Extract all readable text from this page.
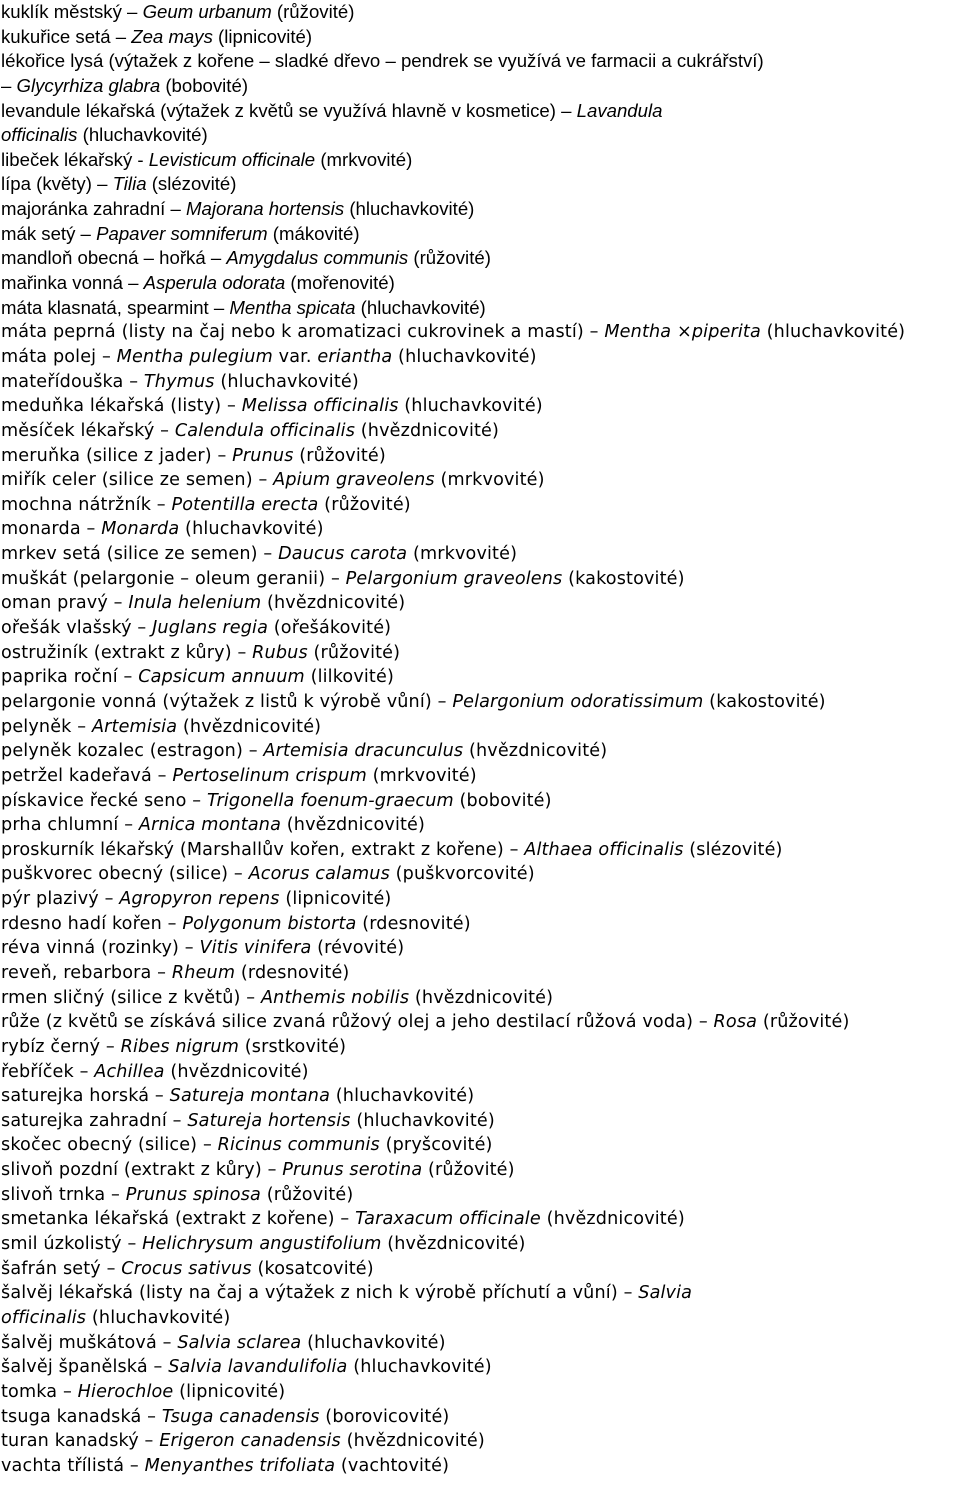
kuklík městský – Geum urbanum (růžovité)
kukuřice setá – Zea mays (lipnicovité)
lékořice lysá (výtažek z kořene – sladké dřevo – pendrek se využívá ve farmacii a cukrářství)
– Glycyrhiza glabra (bobovité)
levandule lékařská (výtažek z květů se využívá hlavně v kosmetice) – Lavandula
officinalis (hluchavkovité)
libeček lékařský - Levisticum officinale (mrkvovité)
lípa (květy) – Tilia (slézovité)
majoránka zahradní – Majorana hortensis (hluchavkovité)
mák setý – Papaver somniferum (mákovité)
mandloň obecná – hořká – Amygdalus communis (růžovité)
mařinka vonná – Asperula odorata (mořenovité)
máta klasnatá, spearmint – Mentha spicata (hluchavkovité)
máta peprná (listy na čaj nebo k aromatizaci cukrovinek a mastí) – Mentha ×piperita (hluchavkovité)
máta polej – Mentha pulegium var. eriantha (hluchavkovité)
mateřídouška – Thymus (hluchavkovité)
meduňka lékařská (listy) – Melissa officinalis (hluchavkovité)
měsíček lékařský – Calendula officinalis (hvězdnicovité)
meruňka (silice z jader) – Prunus (růžovité)
miřík celer (silice ze semen) – Apium graveolens (mrkvovité)
mochna nátržník – Potentilla erecta (růžovité)
monarda – Monarda (hluchavkovité)
mrkev setá (silice ze semen) – Daucus carota (mrkvovité)
muškát (pelargonie – oleum geranii) – Pelargonium graveolens (kakostovité)
oman pravý – Inula helenium (hvězdnicovité)
ořešák vlašský – Juglans regia (ořešákovité)
ostružiník (extrakt z kůry) – Rubus (růžovité)
paprika roční – Capsicum annuum (lilkovité)
pelargonie vonná (výtažek z listů k výrobě vůní) – Pelargonium odoratissimum (kakostovité)
pelyněk – Artemisia (hvězdnicovité)
pelyněk kozalec (estragon) – Artemisia dracunculus (hvězdnicovité)
petržel kadeřavá – Pertoselinum crispum (mrkvovité)
pískavice řecké seno – Trigonella foenum-graecum (bobovité)
prha chlumní – Arnica montana (hvězdnicovité)
proskurník lékařský (Marshallův kořen, extrakt z kořene) – Althaea officinalis (slézovité)
puškvorec obecný (silice) – Acorus calamus (puškvorcovité)
pýr plazivý – Agropyron repens (lipnicovité)
rdesno hadí kořen – Polygonum bistorta (rdesnovité)
réva vinná (rozinky) – Vitis vinifera (révovité)
reveň, rebarbora – Rheum (rdesnovité)
rmen sličný (silice z květů) – Anthemis nobilis (hvězdnicovité)
růže (z květů se získává silice zvaná růžový olej a jeho destilací růžová voda) – Rosa (růžovité)
rybíz černý – Ribes nigrum (srstkovité)
řebříček – Achillea (hvězdnicovité)
saturejka horská – Satureja montana (hluchavkovité)
saturejka zahradní – Satureja hortensis (hluchavkovité)
skočec obecný (silice) – Ricinus communis (pryšcovité)
slivoň pozdní (extrakt z kůry) – Prunus serotina (růžovité)
slivoň trnka – Prunus spinosa (růžovité)
smetanka lékařská (extrakt z kořene) – Taraxacum officinale (hvězdnicovité)
smil úzkolistý – Helichrysum angustifolium (hvězdnicovité)
šafrán setý – Crocus sativus (kosatcovité)
šalvěj lékařská (listy na čaj a výtažek z nich k výrobě příchutí a vůní) – Salvia
officinalis (hluchavkovité)
šalvěj muškátová – Salvia sclarea (hluchavkovité)
šalvěj španělská – Salvia lavandulifolia (hluchavkovité)
tomka – Hierochloe (lipnicovité)
tsuga kanadská – Tsuga canadensis (borovicovité)
turan kanadský – Erigeron canadensis (hvězdnicovité)
vachta třílistá – Menyanthes trifoliata (vachtovité)
